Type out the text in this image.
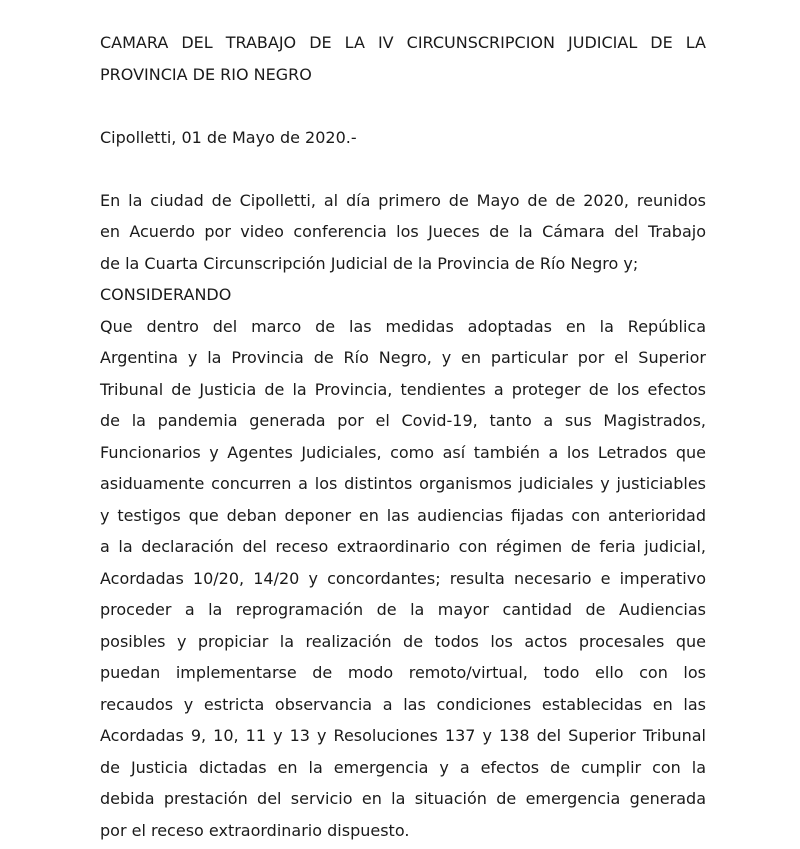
CAMARA DEL TRABAJO DE LA IV CIRCUNSCRIPCION JUDICIAL DE LA
PROVINCIA DE RIO NEGRO
Cipolletti, 01 de Mayo de 2020.-
En la ciudad de Cipolletti, al día primero de Mayo de de 2020, reunidos
en Acuerdo por video conferencia los Jueces de la Cámara del Trabajo
de la Cuarta Circunscripción Judicial de la Provincia de Río Negro y;
CONSIDERANDO
Que dentro del marco de las medidas adoptadas en la República
Argentina y la Provincia de Río Negro, y en particular por el Superior
Tribunal de Justicia de la Provincia, tendientes a proteger de los efectos
de la pandemia generada por el Covid-19, tanto a sus Magistrados,
Funcionarios y Agentes Judiciales, como así también a los Letrados que
asiduamente concurren a los distintos organismos judiciales y justiciables
y testigos que deban deponer en las audiencias fijadas con anterioridad
a la declaración del receso extraordinario con régimen de feria judicial,
Acordadas 10/20, 14/20 y concordantes; resulta necesario e imperativo
proceder a la reprogramación de la mayor cantidad de Audiencias
posibles y propiciar la realización de todos los actos procesales que
puedan implementarse de modo remoto/virtual, todo ello con los
recaudos y estricta observancia a las condiciones establecidas en las
Acordadas 9, 10, 11 y 13 y Resoluciones 137 y 138 del Superior Tribunal
de Justicia dictadas en la emergencia y a efectos de cumplir con la
debida prestación del servicio en la situación de emergencia generada
por el receso extraordinario dispuesto.
